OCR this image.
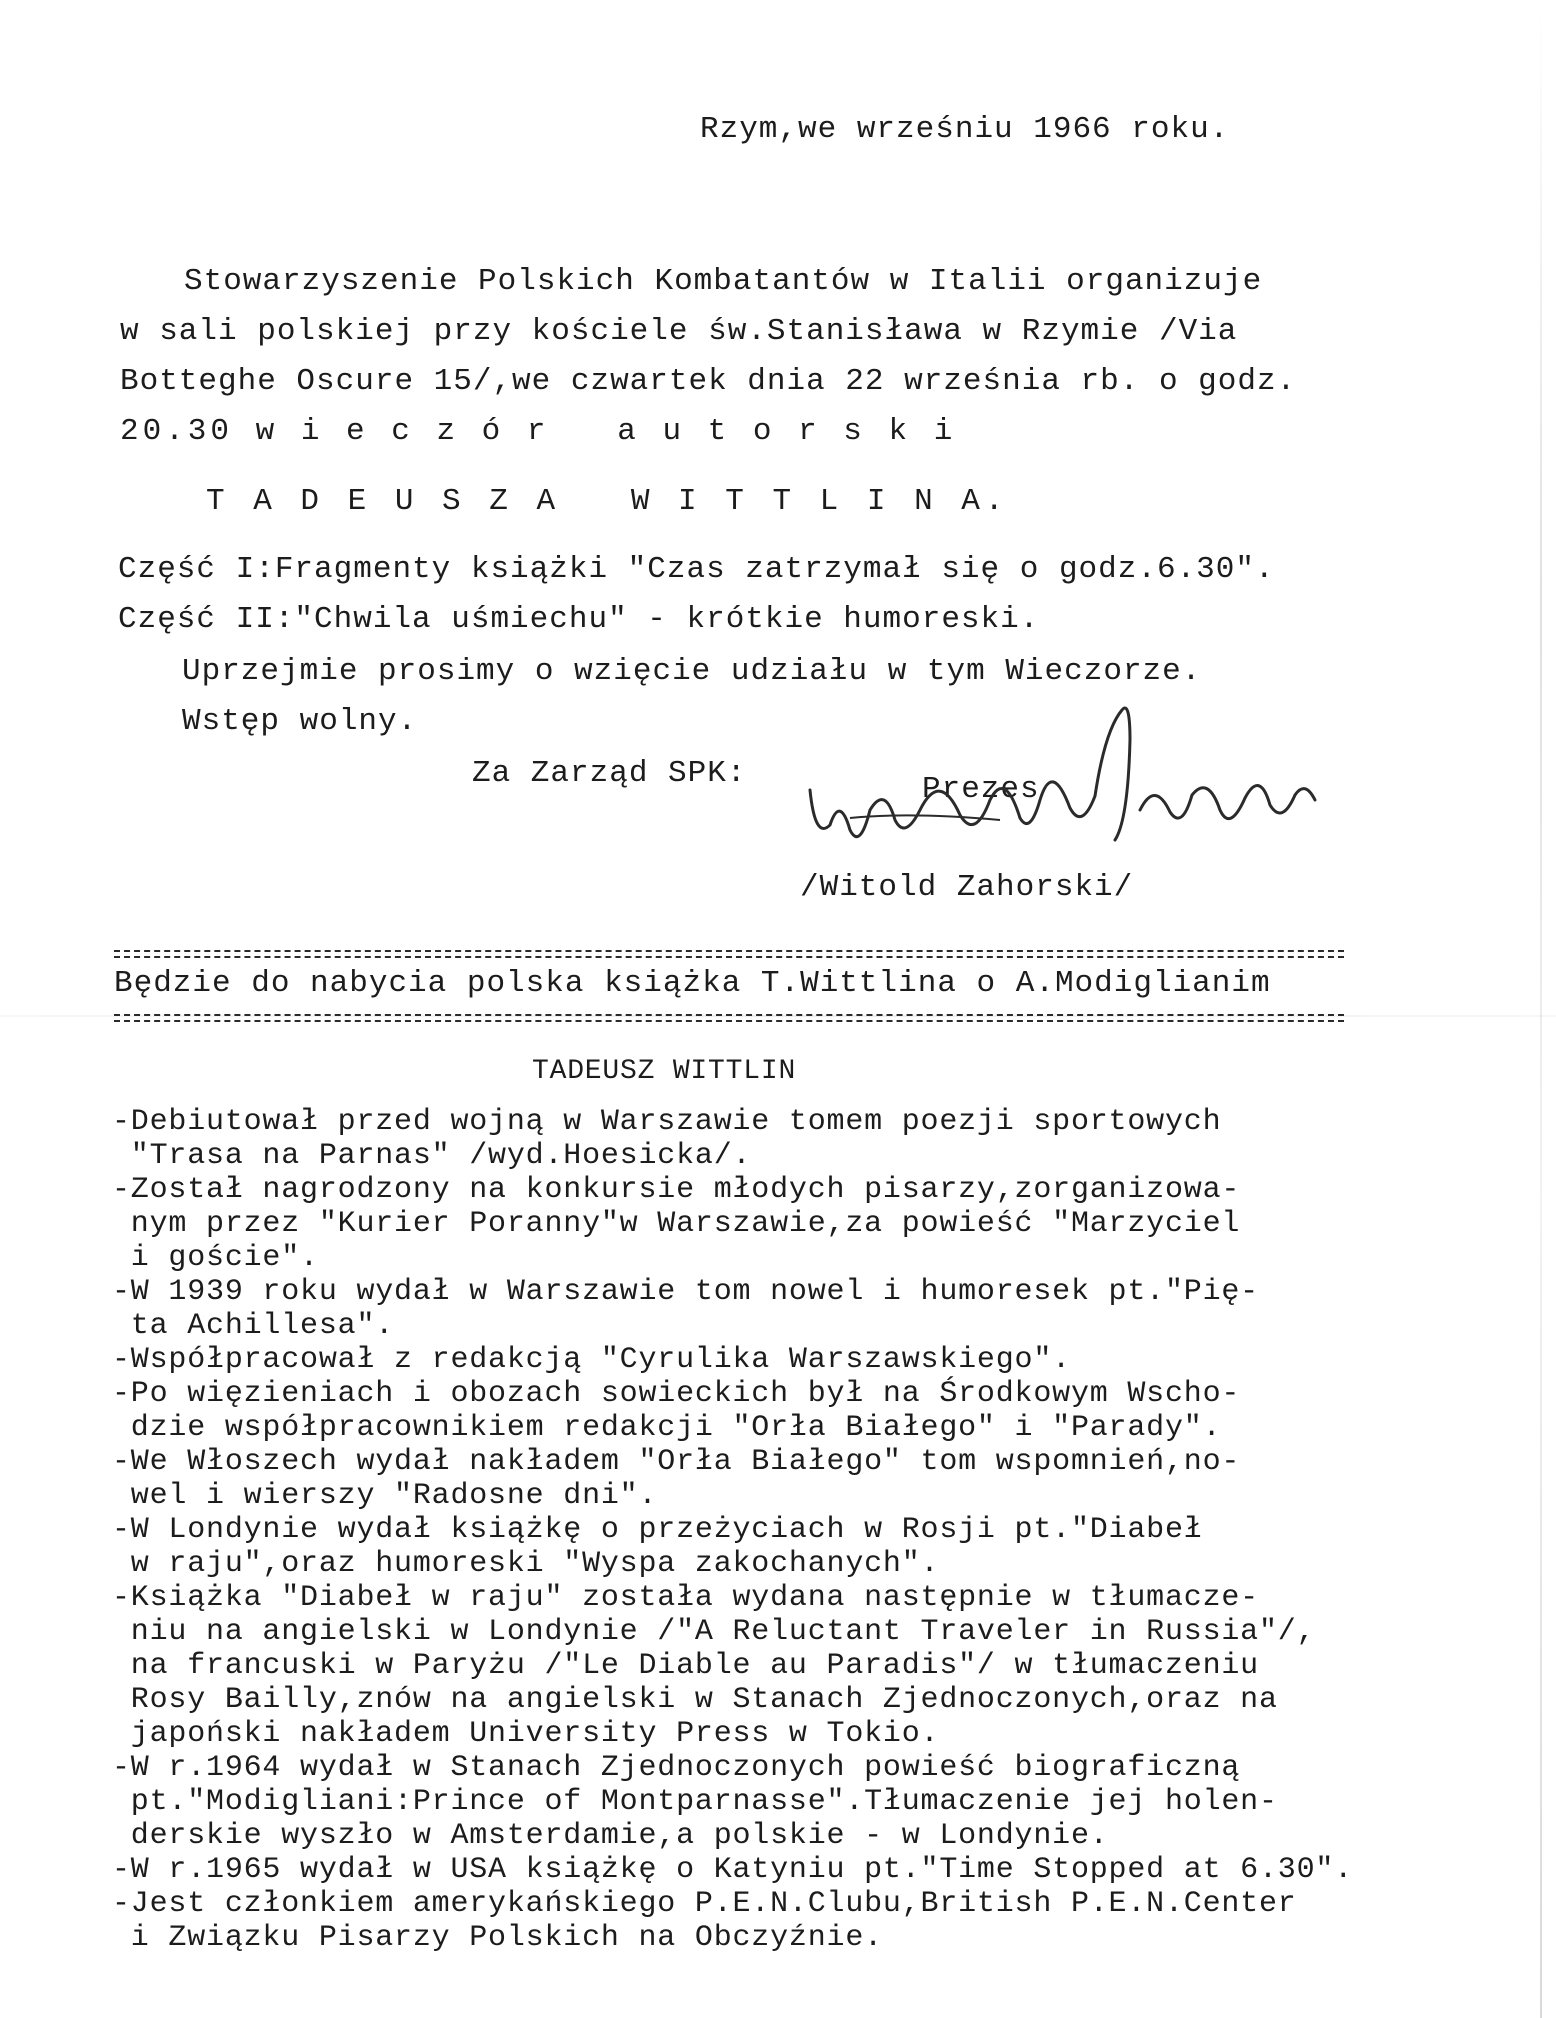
Rzym,we wrześniu 1966 roku.
Stowarzyszenie Polskich Kombatantów w Italii organizuje
w sali polskiej przy kościele św.Stanisława w Rzymie /Via
Botteghe Oscure 15/,we czwartek dnia 22 września rb. o godz.
20.30 w i e c z ó r   a u t o r s k i
T A D E U S Z A   W I T T L I N A.
Część I:Fragmenty książki "Czas zatrzymał się o godz.6.30".
Część II:"Chwila uśmiechu" - krótkie humoreski.
Uprzejmie prosimy o wzięcie udziału w tym Wieczorze.
Wstęp wolny.
Za Zarząd SPK:	Prezes
/Witold Zahorski/
Będzie do nabycia polska książka T.Wittlina o A.Modiglianim
TADEUSZ WITTLIN
-Debiutował przed wojną w Warszawie tomem poezji sportowych
"Trasa na Parnas" /wyd.Hoesicka/.
-Został nagrodzony na konkursie młodych pisarzy,zorganizowa-
nym przez "Kurier Poranny"w Warszawie,za powieść "Marzyciel
i goście".
-W 1939 roku wydał w Warszawie tom nowel i humoresek pt."Pię-
ta Achillesa".
-Współpracował z redakcją "Cyrulika Warszawskiego".
-Po więzieniach i obozach sowieckich był na Środkowym Wscho-
dzie współpracownikiem redakcji "Orła Białego" i "Parady".
-We Włoszech wydał nakładem "Orła Białego" tom wspomnień,no-
wel i wierszy "Radosne dni".
-W Londynie wydał książkę o przeżyciach w Rosji pt."Diabeł
w raju",oraz humoreski "Wyspa zakochanych".
-Książka "Diabeł w raju" została wydana następnie w tłumacze-
niu na angielski w Londynie /"A Reluctant Traveler in Russia"/,
na francuski w Paryżu /"Le Diable au Paradis"/ w tłumaczeniu
Rosy Bailly,znów na angielski w Stanach Zjednoczonych,oraz na
japoński nakładem University Press w Tokio.
-W r.1964 wydał w Stanach Zjednoczonych powieść biograficzną
pt."Modigliani:Prince of Montparnasse".Tłumaczenie jej holen-
derskie wyszło w Amsterdamie,a polskie - w Londynie.
-W r.1965 wydał w USA książkę o Katyniu pt."Time Stopped at 6.30".
-Jest członkiem amerykańskiego P.E.N.Clubu,British P.E.N.Center
i Związku Pisarzy Polskich na Obczyźnie.
